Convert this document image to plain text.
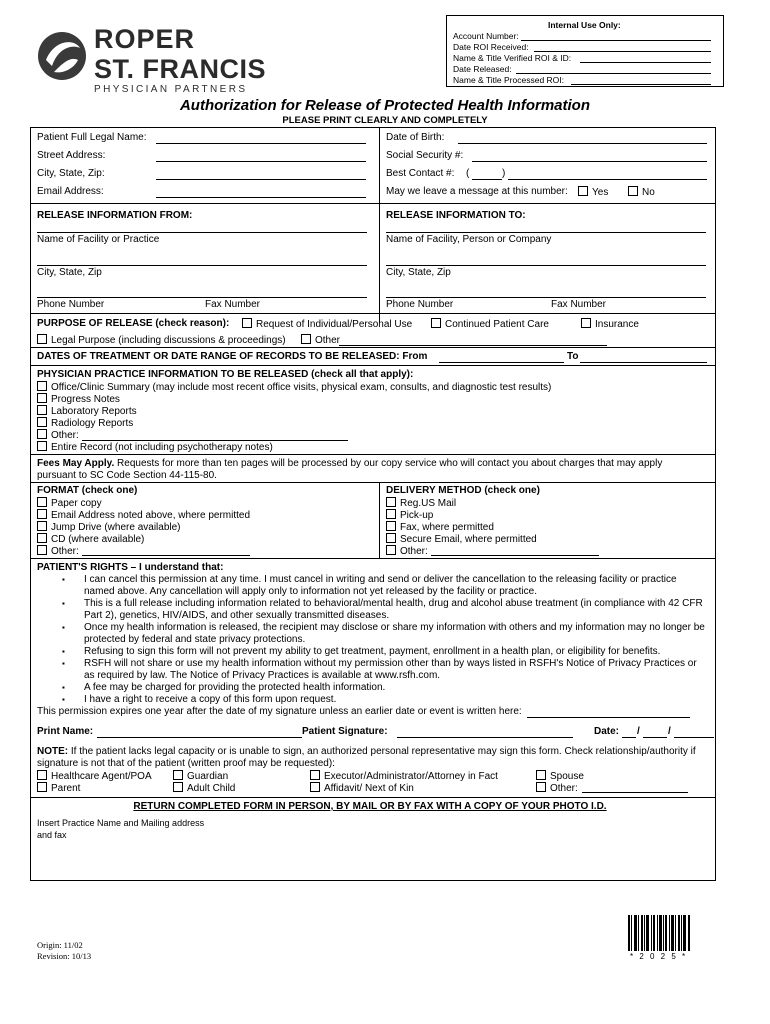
ROPER
ST. FRANCIS
PHYSICIAN PARTNERS
Internal Use Only:
Account Number:
Date ROI Received:
Name & Title Verified ROI & ID:
Date Released:
Name & Title Processed ROI:
Authorization for Release of Protected Health Information
PLEASE PRINT CLEARLY AND COMPLETELY
Patient Full Legal Name:
Street Address:
City, State, Zip:
Email Address:
Date of Birth:
Social Security #:
Best Contact #: (	)
May we leave a message at this number:	Yes	No
RELEASE INFORMATION FROM:
Name of Facility or Practice
City, State, Zip
Phone Number	Fax Number
RELEASE INFORMATION TO:
Name of Facility, Person or Company
City, State, Zip
Phone Number	Fax Number
PURPOSE OF RELEASE (check reason):	Request of Individual/Personal Use	Continued Patient Care	Insurance
Legal Purpose (including discussions & proceedings)	Other
DATES OF TREATMENT OR DATE RANGE OF RECORDS TO BE RELEASED: From	To
PHYSICIAN PRACTICE INFORMATION TO BE RELEASED (check all that apply):
Office/Clinic Summary (may include most recent office visits, physical exam, consults, and diagnostic test results)
Progress Notes
Laboratory Reports
Radiology Reports
Other:
Entire Record (not including psychotherapy notes)
Fees May Apply. Requests for more than ten pages will be processed by our copy service who will contact you about charges that may apply
pursuant to SC Code Section 44-115-80.
FORMAT (check one)
Paper copy
Email Address noted above, where permitted
Jump Drive (where available)
CD (where available)
Other:
DELIVERY METHOD (check one)
Reg.US Mail
Pick-up
Fax, where permitted
Secure Email, where permitted
Other:
PATIENT'S RIGHTS – I understand that:
▪ I can cancel this permission at any time. I must cancel in writing and send or deliver the cancellation to the releasing facility or practice
named above. Any cancellation will apply only to information not yet released by the facility or practice.
▪ This is a full release including information related to behavioral/mental health, drug and alcohol abuse treatment (in compliance with 42 CFR
Part 2), genetics, HIV/AIDS, and other sexually transmitted diseases.
▪ Once my health information is released, the recipient may disclose or share my information with others and my information may no longer be
protected by federal and state privacy protections.
▪ Refusing to sign this form will not prevent my ability to get treatment, payment, enrollment in a health plan, or eligibility for benefits.
▪ RSFH will not share or use my health information without my permission other than by ways listed in RSFH's Notice of Privacy Practices or
as required by law. The Notice of Privacy Practices is available at www.rsfh.com.
▪ A fee may be charged for providing the protected health information.
▪ I have a right to receive a copy of this form upon request.
This permission expires one year after the date of my signature unless an earlier date or event is written here:
Print Name:	Patient Signature:	Date: /	/
NOTE: If the patient lacks legal capacity or is unable to sign, an authorized personal representative may sign this form. Check relationship/authority if
signature is not that of the patient (written proof may be requested):
Healthcare Agent/POA	Guardian	Executor/Administrator/Attorney in Fact	Spouse
Parent	Adult Child	Affidavit/ Next of Kin	Other:
RETURN COMPLETED FORM IN PERSON, BY MAIL OR BY FAX WITH A COPY OF YOUR PHOTO I.D.
Insert Practice Name and Mailing address
and fax
Origin: 11/02
Revision: 10/13	* 2 0 2 5 *
